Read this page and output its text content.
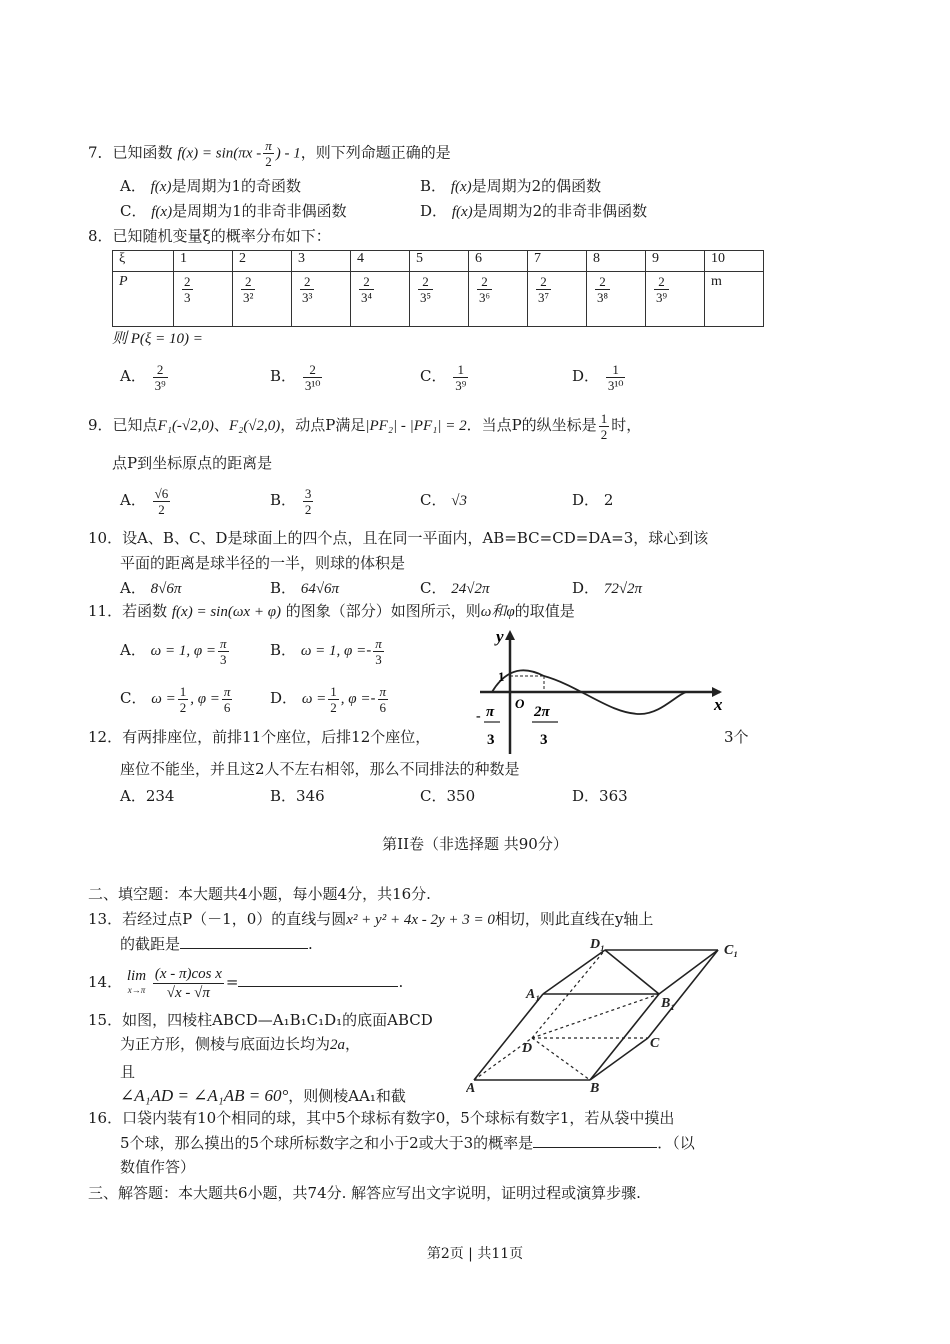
7．已知函数 $f(x) = \sin(\pi x - \frac{\pi}{2}$ ) - 1，则下列命题正确的是
A． f(x)是周期为1的奇函数	B． f(x)是周期为2的偶函数
C． f(x)是周期为1的非奇非偶函数	D． f(x)是周期为2的非奇非偶函数
8．已知随机变量ξ的概率分布如下：
ξ	1	2	3	4	5	6	7	8	9	10
P	$\frac{2}{3}$	$\frac{2}{\text{3²}}$	$\frac{2}{\text{3³}}$	$\frac{2}{\text{3⁴}}$	$\frac{2}{\text{3⁵}}$	$\frac{2}{\text{3⁶}}$	$\frac{2}{\text{3⁷}}$	$\frac{2}{\text{3⁸}}$	$\frac{2}{\text{3⁹}}$	m
则 P(ξ = 10) =
A． $\frac{2}{\text{3⁹}}$	B． $\frac{2}{\text{3¹⁰}}$	C． $\frac{1}{\text{3⁹}}$	D． $\frac{1}{\text{3¹⁰}}$
9．已知点F₁(-√2,0)、F₂(√2,0)，动点P满足|PF₂| - |PF₁| = 2．当点P的纵坐标是 $\frac{1}{2}$ 时，
点P到坐标原点的距离是
A． $\frac{√6}{2}$	B． $\frac{3}{2}$	C． √3	D． 2
10．设A、B、C、D是球面上的四个点，且在同一平面内，AB=BC=CD=DA=3，球心到该
平面的距离是球半径的一半，则球的体积是
A． 8√6π	B． 64√6π	C． 24√2π	D． 72√2π
11．若函数 f(x) = sin(ωx + φ) 的图象（部分）如图所示，则ω和φ的取值是
A． ω = 1, $\varphi = \frac{\pi}{3}$	B． ω = 1, $\varphi =- \frac{\pi}{3}$
C． $\omega = \frac{1}{2}$ , $\varphi = \frac{\pi}{6}$	D． $\omega = \frac{1}{2}$ , $\varphi =- \frac{\pi}{6}$
y
x
1
O
- π
3
2π
3
12．有两排座位，前排11个座位，后排12个座位，	3个
座位不能坐，并且这2人不左右相邻，那么不同排法的种数是
A．234	B．346	C．350	D．363
第II卷（非选择题 共90分）
二、填空题：本大题共4小题，每小题4分，共16分.
13．若经过点P（－1，0）的直线与圆x² + y² + 4x - 2y + 3 = 0相切，则此直线在y轴上
的截距是	.
14． lim
x→π
$\frac{\text{(x - π)cos x}}{√x - √\pi}$ =	.
15．如图，四棱柱ABCD—A₁B₁C₁D₁的底面ABCD
为正方形，侧棱与底面边长均为2a，
且
∠A₁AD = ∠A₁AB = 60°，则侧棱AA₁和截
D₁	C₁
A₁
B₁
D	C
A	B
16．口袋内装有10个相同的球，其中5个球标有数字0，5个球标有数字1，若从袋中摸出
5个球，那么摸出的5个球所标数字之和小于2或大于3的概率是	．（以
数值作答）
三、解答题：本大题共6小题，共74分. 解答应写出文字说明，证明过程或演算步骤.
第2页 | 共11页
